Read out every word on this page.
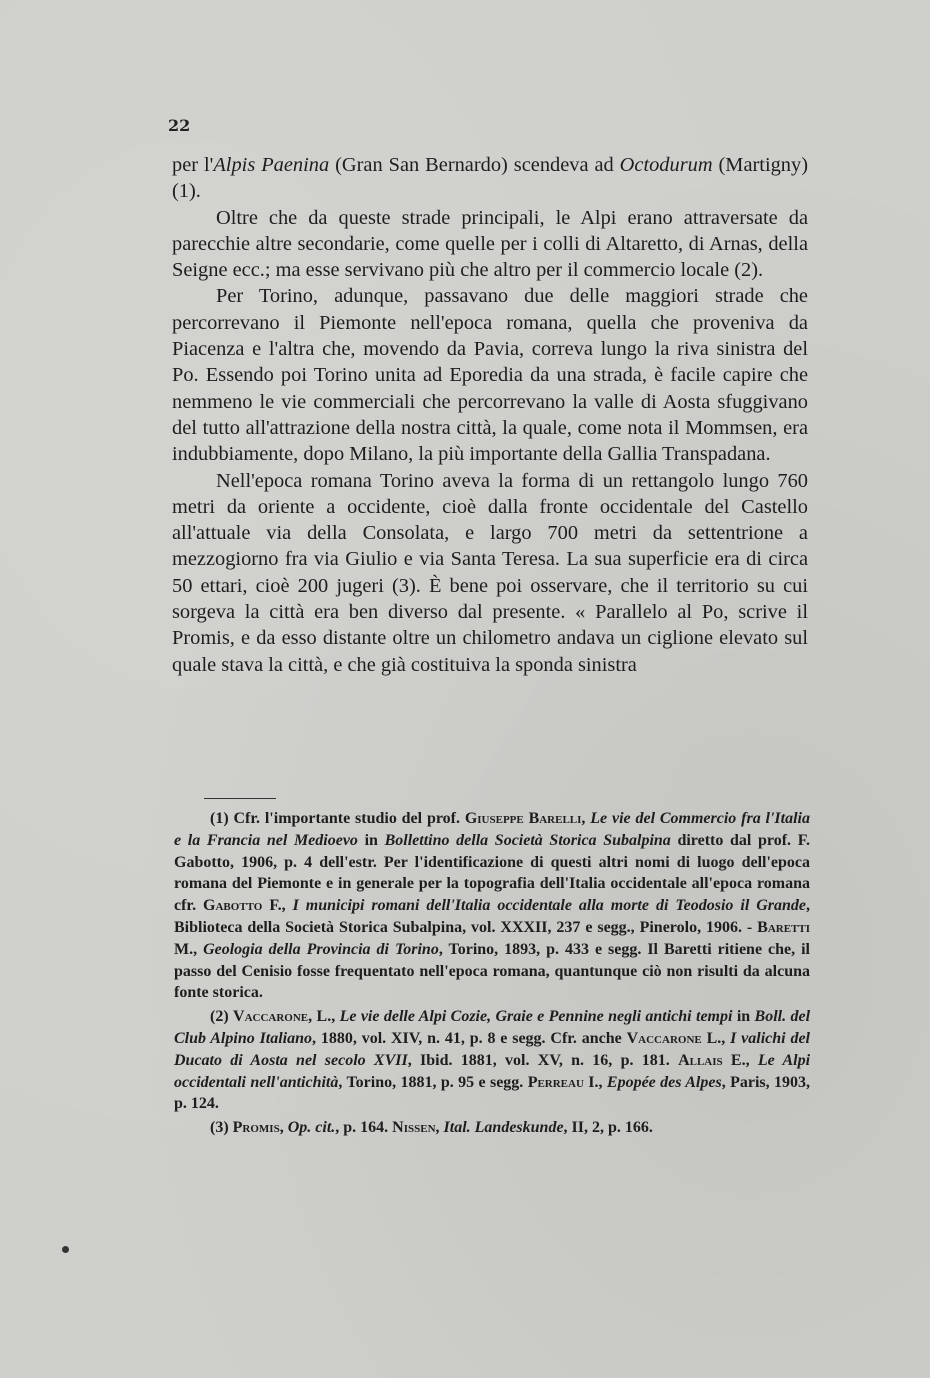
22

per l'Alpis Paenina (Gran San Bernardo) scendeva ad Octodurum (Martigny) (1).

Oltre che da queste strade principali, le Alpi erano attraversate da parecchie altre secondarie, come quelle per i colli di Altaretto, di Arnas, della Seigne ecc.; ma esse servivano più che altro per il commercio locale (2).

Per Torino, adunque, passavano due delle maggiori strade che percorrevano il Piemonte nell'epoca romana, quella che proveniva da Piacenza e l'altra che, movendo da Pavia, correva lungo la riva sinistra del Po. Essendo poi Torino unita ad Eporedia da una strada, è facile capire che nemmeno le vie commerciali che percorrevano la valle di Aosta sfuggivano del tutto all'attrazione della nostra città, la quale, come nota il Mommsen, era indubbiamente, dopo Milano, la più importante della Gallia Transpadana.

Nell'epoca romana Torino aveva la forma di un rettangolo lungo 760 metri da oriente a occidente, cioè dalla fronte occidentale del Castello all'attuale via della Consolata, e largo 700 metri da settentrione a mezzogiorno fra via Giulio e via Santa Teresa. La sua superficie era di circa 50 ettari, cioè 200 jugeri (3). È bene poi osservare, che il territorio su cui sorgeva la città era ben diverso dal presente. « Parallelo al Po, scrive il Promis, e da esso distante oltre un chilometro andava un ciglione elevato sul quale stava la città, e che già costituiva la sponda sinistra

(1) Cfr. l'importante studio del prof. Giuseppe Barelli, Le vie del Commercio fra l'Italia e la Francia nel Medioevo in Bollettino della Società Storica Subalpina diretto dal prof. F. Gabotto, 1906, p. 4 dell'estr. Per l'identificazione di questi altri nomi di luogo dell'epoca romana del Piemonte e in generale per la topografia dell'Italia occidentale all'epoca romana cfr. Gabotto F., I municipi romani dell'Italia occidentale alla morte di Teodosio il Grande, Biblioteca della Società Storica Subalpina, vol. XXXII, 237 e segg., Pinerolo, 1906. - Baretti M., Geologia della Provincia di Torino, Torino, 1893, p. 433 e segg. Il Baretti ritiene che, il passo del Cenisio fosse frequentato nell'epoca romana, quantunque ciò non risulti da alcuna fonte storica.

(2) Vaccarone, L., Le vie delle Alpi Cozie, Graie e Pennine negli antichi tempi in Boll. del Club Alpino Italiano, 1880, vol. XIV, n. 41, p. 8 e segg. Cfr. anche Vaccarone L., I valichi del Ducato di Aosta nel secolo XVII, Ibid. 1881, vol. XV, n. 16, p. 181. Allais E., Le Alpi occidentali nell'antichità, Torino, 1881, p. 95 e segg. Perreau I., Epopée des Alpes, Paris, 1903, p. 124.

(3) Promis, Op. cit., p. 164. Nissen, Ital. Landeskunde, II, 2, p. 166.
